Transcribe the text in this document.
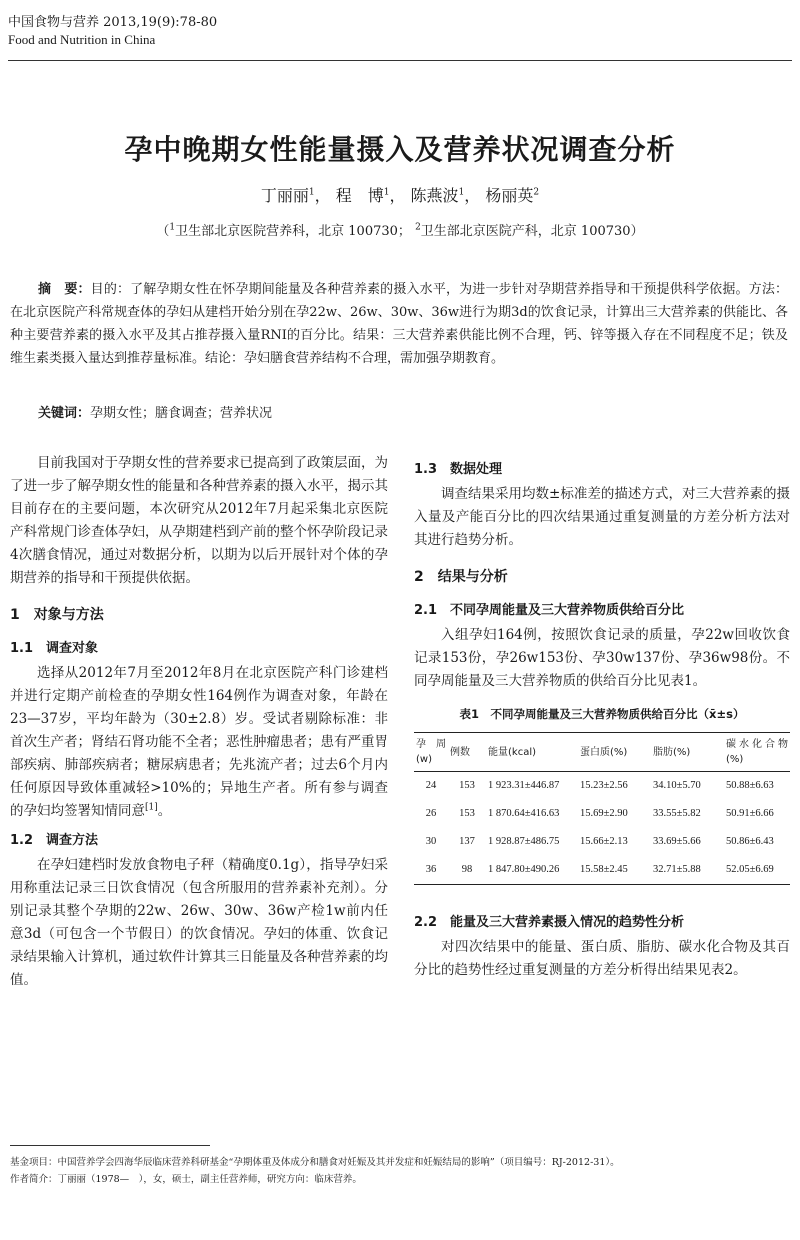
中国食物与营养 2013,19(9):78-80
Food and Nutrition in China
孕中晚期女性能量摄入及营养状况调查分析
丁丽丽$^1$， 程　博$^1$， 陈燕波$^1$， 杨丽英$^2$
（$^1$卫生部北京医院营养科，北京 100730； $^2$卫生部北京医院产科，北京 100730）
摘　要：目的：了解孕期女性在怀孕期间能量及各种营养素的摄入水平，为进一步针对孕期营养指导和干预提供科学依据。方法：在北京医院产科常规查体的孕妇从建档开始分别在孕22w、26w、30w、36w进行为期3d的饮食记录，计算出三大营养素的供能比、各种主要营养素的摄入水平及其占推荐摄入量RNI的百分比。结果：三大营养素供能比例不合理，钙、锌等摄入存在不同程度不足；铁及维生素类摄入量达到推荐量标准。结论：孕妇膳食营养结构不合理，需加强孕期教育。
关键词：孕期女性；膳食调查；营养状况

目前我国对于孕期女性的营养要求已提高到了政策层面，为了进一步了解孕期女性的能量和各种营养素的摄入水平，揭示其目前存在的主要问题，本次研究从2012年7月起采集北京医院产科常规门诊查体孕妇，从孕期建档到产前的整个怀孕阶段记录4次膳食情况，通过对数据分析，以期为以后开展针对个体的孕期营养的指导和干预提供依据。

1　对象与方法
1.1　调查对象

选择从2012年7月至2012年8月在北京医院产科门诊建档并进行定期产前检查的孕期女性164例作为调查对象，年龄在23—37岁，平均年龄为（30±2.8）岁。受试者剔除标准：非首次生产者；肾结石肾功能不全者；恶性肿瘤患者；患有严重胃部疾病、肺部疾病者；糖尿病患者；先兆流产者；过去6个月内任何原因导致体重减轻>10%的；异地生产者。所有参与调查的孕妇均签署知情同意[1]。

1.2　调查方法

在孕妇建档时发放食物电子秤（精确度0.1g），指导孕妇采用称重法记录三日饮食情况（包含所服用的营养素补充剂）。分别记录其整个孕期的22w、26w、30w、36w产检1w前内任意3d（可包含一个节假日）的饮食情况。孕妇的体重、饮食记录结果输入计算机，通过软件计算其三日能量及各种营养素的均值。

1.3　数据处理

调查结果采用均数±标准差的描述方式，对三大营养素的摄入量及产能百分比的四次结果通过重复测量的方差分析方法对其进行趋势分析。

2　结果与分析
2.1　不同孕周能量及三大营养物质供给百分比

入组孕妇164例，按照饮食记录的质量，孕22w回收饮食记录153份，孕26w153份、孕30w137份、孕36w98份。不同孕周能量及三大营养物质的供给百分比见表1。

表1　不同孕周能量及三大营养物质供给百分比（x̄±s）
孕周(w)	例数	能量(kcal)	蛋白质(%)	脂肪(%)	碳水化合物(%)
24	153	1 923.31±446.87	15.23±2.56	34.10±5.70	50.88±6.63
26	153	1 870.64±416.63	15.69±2.90	33.55±5.82	50.91±6.66
30	137	1 928.87±486.75	15.66±2.13	33.69±5.66	50.86±6.43
36	98	1 847.80±490.26	15.58±2.45	32.71±5.88	52.05±6.69
2.2　能量及三大营养素摄入情况的趋势性分析

对四次结果中的能量、蛋白质、脂肪、碳水化合物及其百分比的趋势性经过重复测量的方差分析得出结果见表2。

基金项目：中国营养学会四海华辰临床营养科研基金“孕期体重及体成分和膳食对妊娠及其并发症和妊娠结局的影响”（项目编号：RJ-2012-31）。
作者简介：丁丽丽（1978—　），女，硕士，副主任营养师，研究方向：临床营养。
